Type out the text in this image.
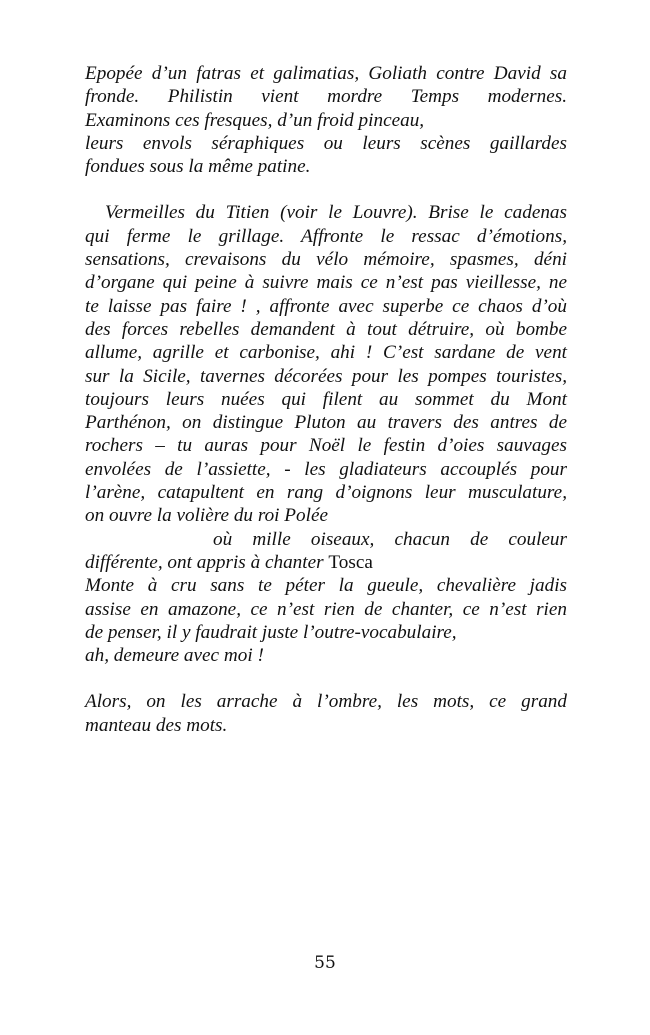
Epopée d’un fatras et galimatias, Goliath contre David sa
fronde. Philistin vient mordre Temps modernes.
Examinons ces fresques, d’un froid pinceau,
leurs envols séraphiques ou leurs scènes gaillardes
fondues sous la même patine.
Vermeilles du Titien (voir le Louvre). Brise le cadenas
qui ferme le grillage. Affronte le ressac d’émotions,
sensations, crevaisons du vélo mémoire, spasmes, déni
d’organe qui peine à suivre mais ce n’est pas vieillesse, ne
te laisse pas faire ! , affronte avec superbe ce chaos d’où
des forces rebelles demandent à tout détruire, où bombe
allume, agrille et carbonise, ahi ! C’est sardane de vent
sur la Sicile, tavernes décorées pour les pompes touristes,
toujours leurs nuées qui filent au sommet du Mont
Parthénon, on distingue Pluton au travers des antres de
rochers – tu auras pour Noël le festin d’oies sauvages
envolées de l’assiette, - les gladiateurs accouplés pour
l’arène, catapultent en rang d’oignons leur musculature,
on ouvre la volière du roi Polée
où mille oiseaux, chacun de couleur
différente, ont appris à chanter Tosca
Monte à cru sans te péter la gueule, chevalière jadis
assise en amazone, ce n’est rien de chanter, ce n’est rien
de penser, il y faudrait juste l’outre-vocabulaire,
ah, demeure avec moi !
Alors, on les arrache à l’ombre, les mots, ce grand
manteau des mots.
55
